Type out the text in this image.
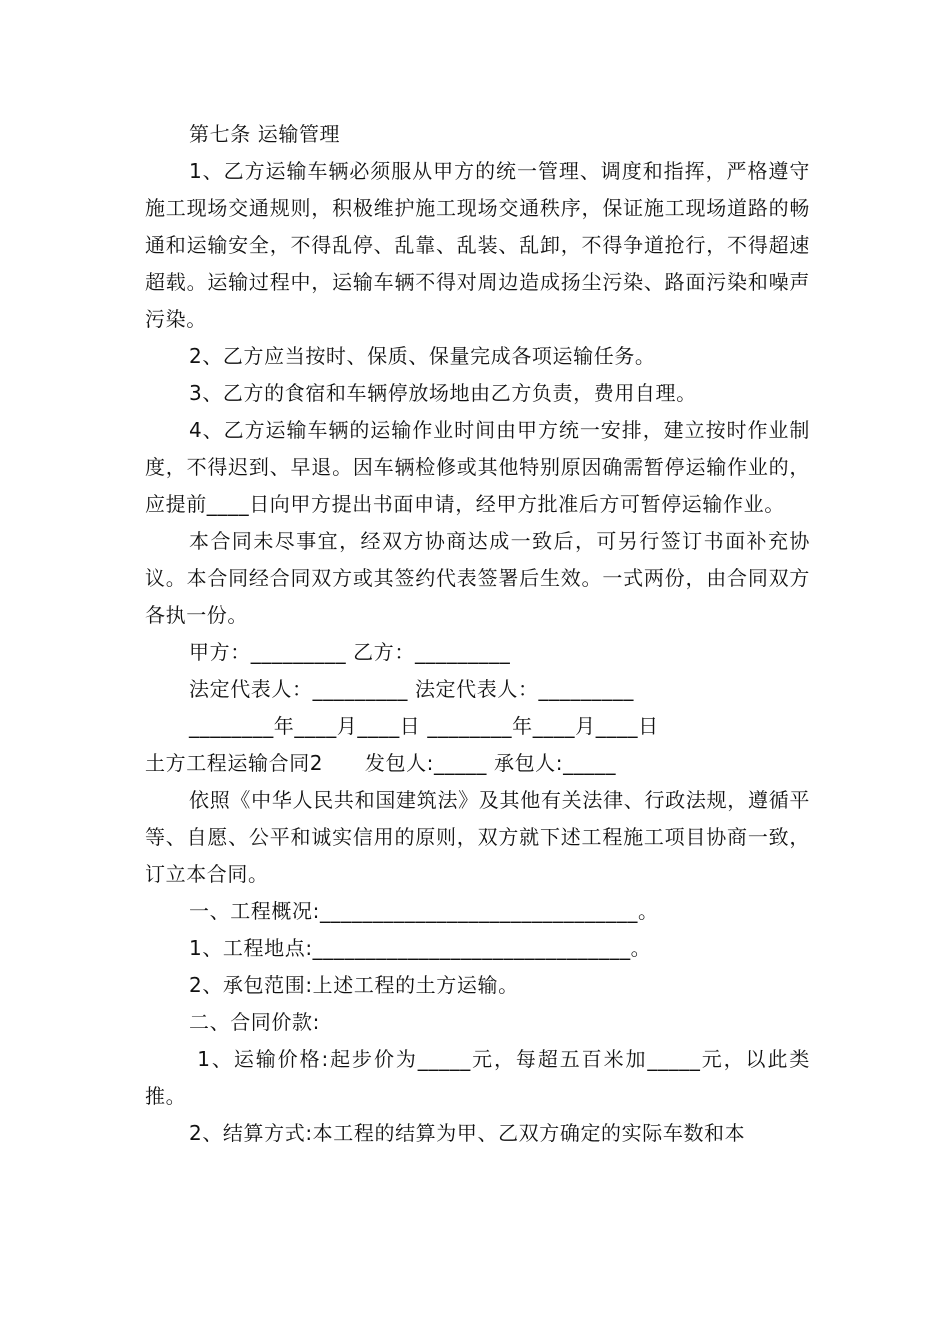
第七条 运输管理

1、乙方运输车辆必须服从甲方的统一管理、调度和指挥，严格遵守施工现场交通规则，积极维护施工现场交通秩序，保证施工现场道路的畅通和运输安全，不得乱停、乱靠、乱装、乱卸，不得争道抢行，不得超速超载。运输过程中，运输车辆不得对周边造成扬尘污染、路面污染和噪声污染。

2、乙方应当按时、保质、保量完成各项运输任务。

3、乙方的食宿和车辆停放场地由乙方负责，费用自理。

4、乙方运输车辆的运输作业时间由甲方统一安排，建立按时作业制度，不得迟到、早退。因车辆检修或其他特别原因确需暂停运输作业的，应提前____日向甲方提出书面申请，经甲方批准后方可暂停运输作业。

本合同未尽事宜，经双方协商达成一致后，可另行签订书面补充协议。本合同经合同双方或其签约代表签署后生效。一式两份，由合同双方各执一份。

甲方：_________ 乙方：_________

法定代表人：_________ 法定代表人：_________

________年____月____日 ________年____月____日

土方工程运输合同2      发包人:_____ 承包人:_____

依照《中华人民共和国建筑法》及其他有关法律、行政法规，遵循平等、自愿、公平和诚实信用的原则，双方就下述工程施工项目协商一致，订立本合同。

一、工程概况:______________________________。

1、工程地点:______________________________。

2、承包范围:上述工程的土方运输。

二、合同价款:

1、运输价格:起步价为_____元，每超五百米加_____元，以此类推。

2、结算方式:本工程的结算为甲、乙双方确定的实际车数和本
